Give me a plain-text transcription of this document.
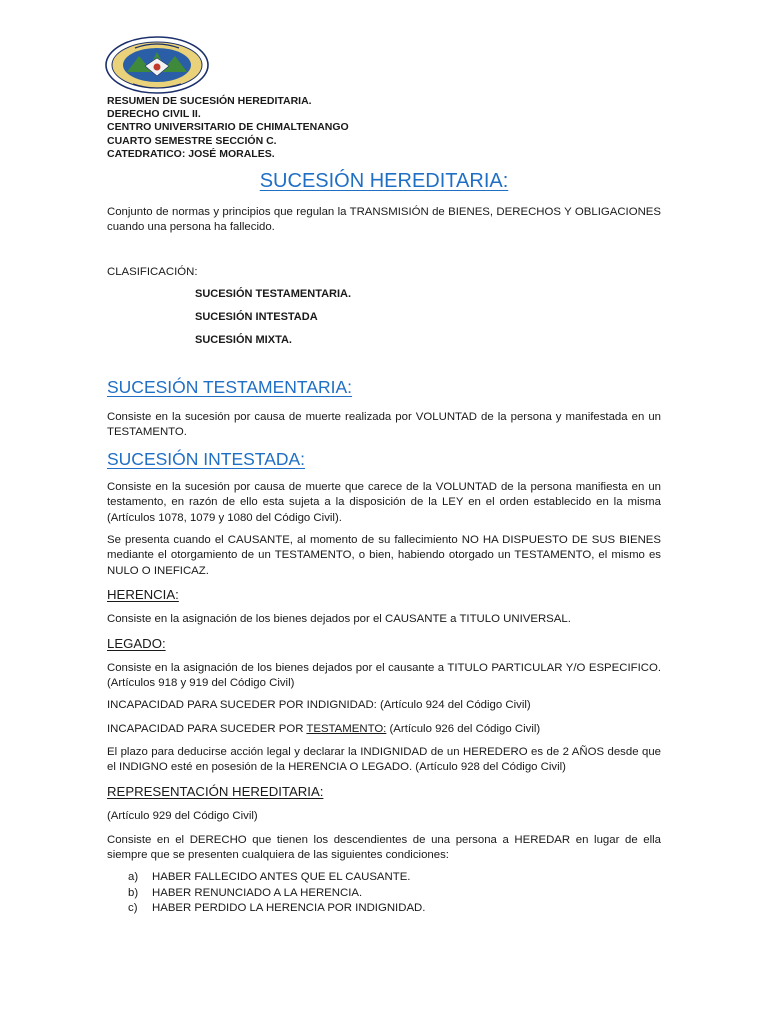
RESUMEN DE SUCESIÓN HEREDITARIA.
DERECHO CIVIL II.
CENTRO UNIVERSITARIO DE CHIMALTENANGO
CUARTO SEMESTRE SECCIÓN C.
CATEDRATICO: JOSÉ MORALES.
SUCESIÓN HEREDITARIA:
Conjunto de normas y principios que regulan la TRANSMISIÓN de BIENES, DERECHOS Y OBLIGACIONES cuando una persona ha fallecido.
CLASIFICACIÓN:
SUCESIÓN TESTAMENTARIA.
SUCESIÓN INTESTADA
SUCESIÓN MIXTA.
SUCESIÓN TESTAMENTARIA:
Consiste en la sucesión por causa de muerte realizada por VOLUNTAD de la persona y manifestada en un TESTAMENTO.
SUCESIÓN INTESTADA:
Consiste en la sucesión por causa de muerte que carece de la VOLUNTAD de la persona manifiesta en un testamento, en razón de ello esta sujeta a la disposición de la LEY en el orden establecido en la misma (Artículos 1078, 1079 y 1080 del Código Civil).
Se presenta cuando el CAUSANTE, al momento de su fallecimiento NO HA DISPUESTO DE SUS BIENES mediante el otorgamiento de un TESTAMENTO, o bien, habiendo otorgado un TESTAMENTO, el mismo es NULO O INEFICAZ.
HERENCIA:
Consiste en la asignación de los bienes dejados por el CAUSANTE a TITULO UNIVERSAL.
LEGADO:
Consiste en la asignación de los bienes dejados por el causante a TITULO PARTICULAR Y/O ESPECIFICO. (Artículos 918 y 919 del Código Civil)
INCAPACIDAD PARA SUCEDER POR INDIGNIDAD: (Artículo 924 del Código Civil)
INCAPACIDAD PARA SUCEDER POR TESTAMENTO: (Artículo 926 del Código Civil)
El plazo para deducirse acción legal y declarar la INDIGNIDAD de un HEREDERO es de 2 AÑOS desde que el INDIGNO esté en posesión de la HERENCIA O LEGADO. (Artículo 928 del Código Civil)
REPRESENTACIÓN HEREDITARIA:
(Artículo 929 del Código Civil)
Consiste en el DERECHO que tienen los descendientes de una persona a HEREDAR en lugar de ella siempre que se presenten cualquiera de las siguientes condiciones:
a) HABER FALLECIDO ANTES QUE EL CAUSANTE.
b) HABER RENUNCIADO A LA HERENCIA.
c) HABER PERDIDO LA HERENCIA POR INDIGNIDAD.
